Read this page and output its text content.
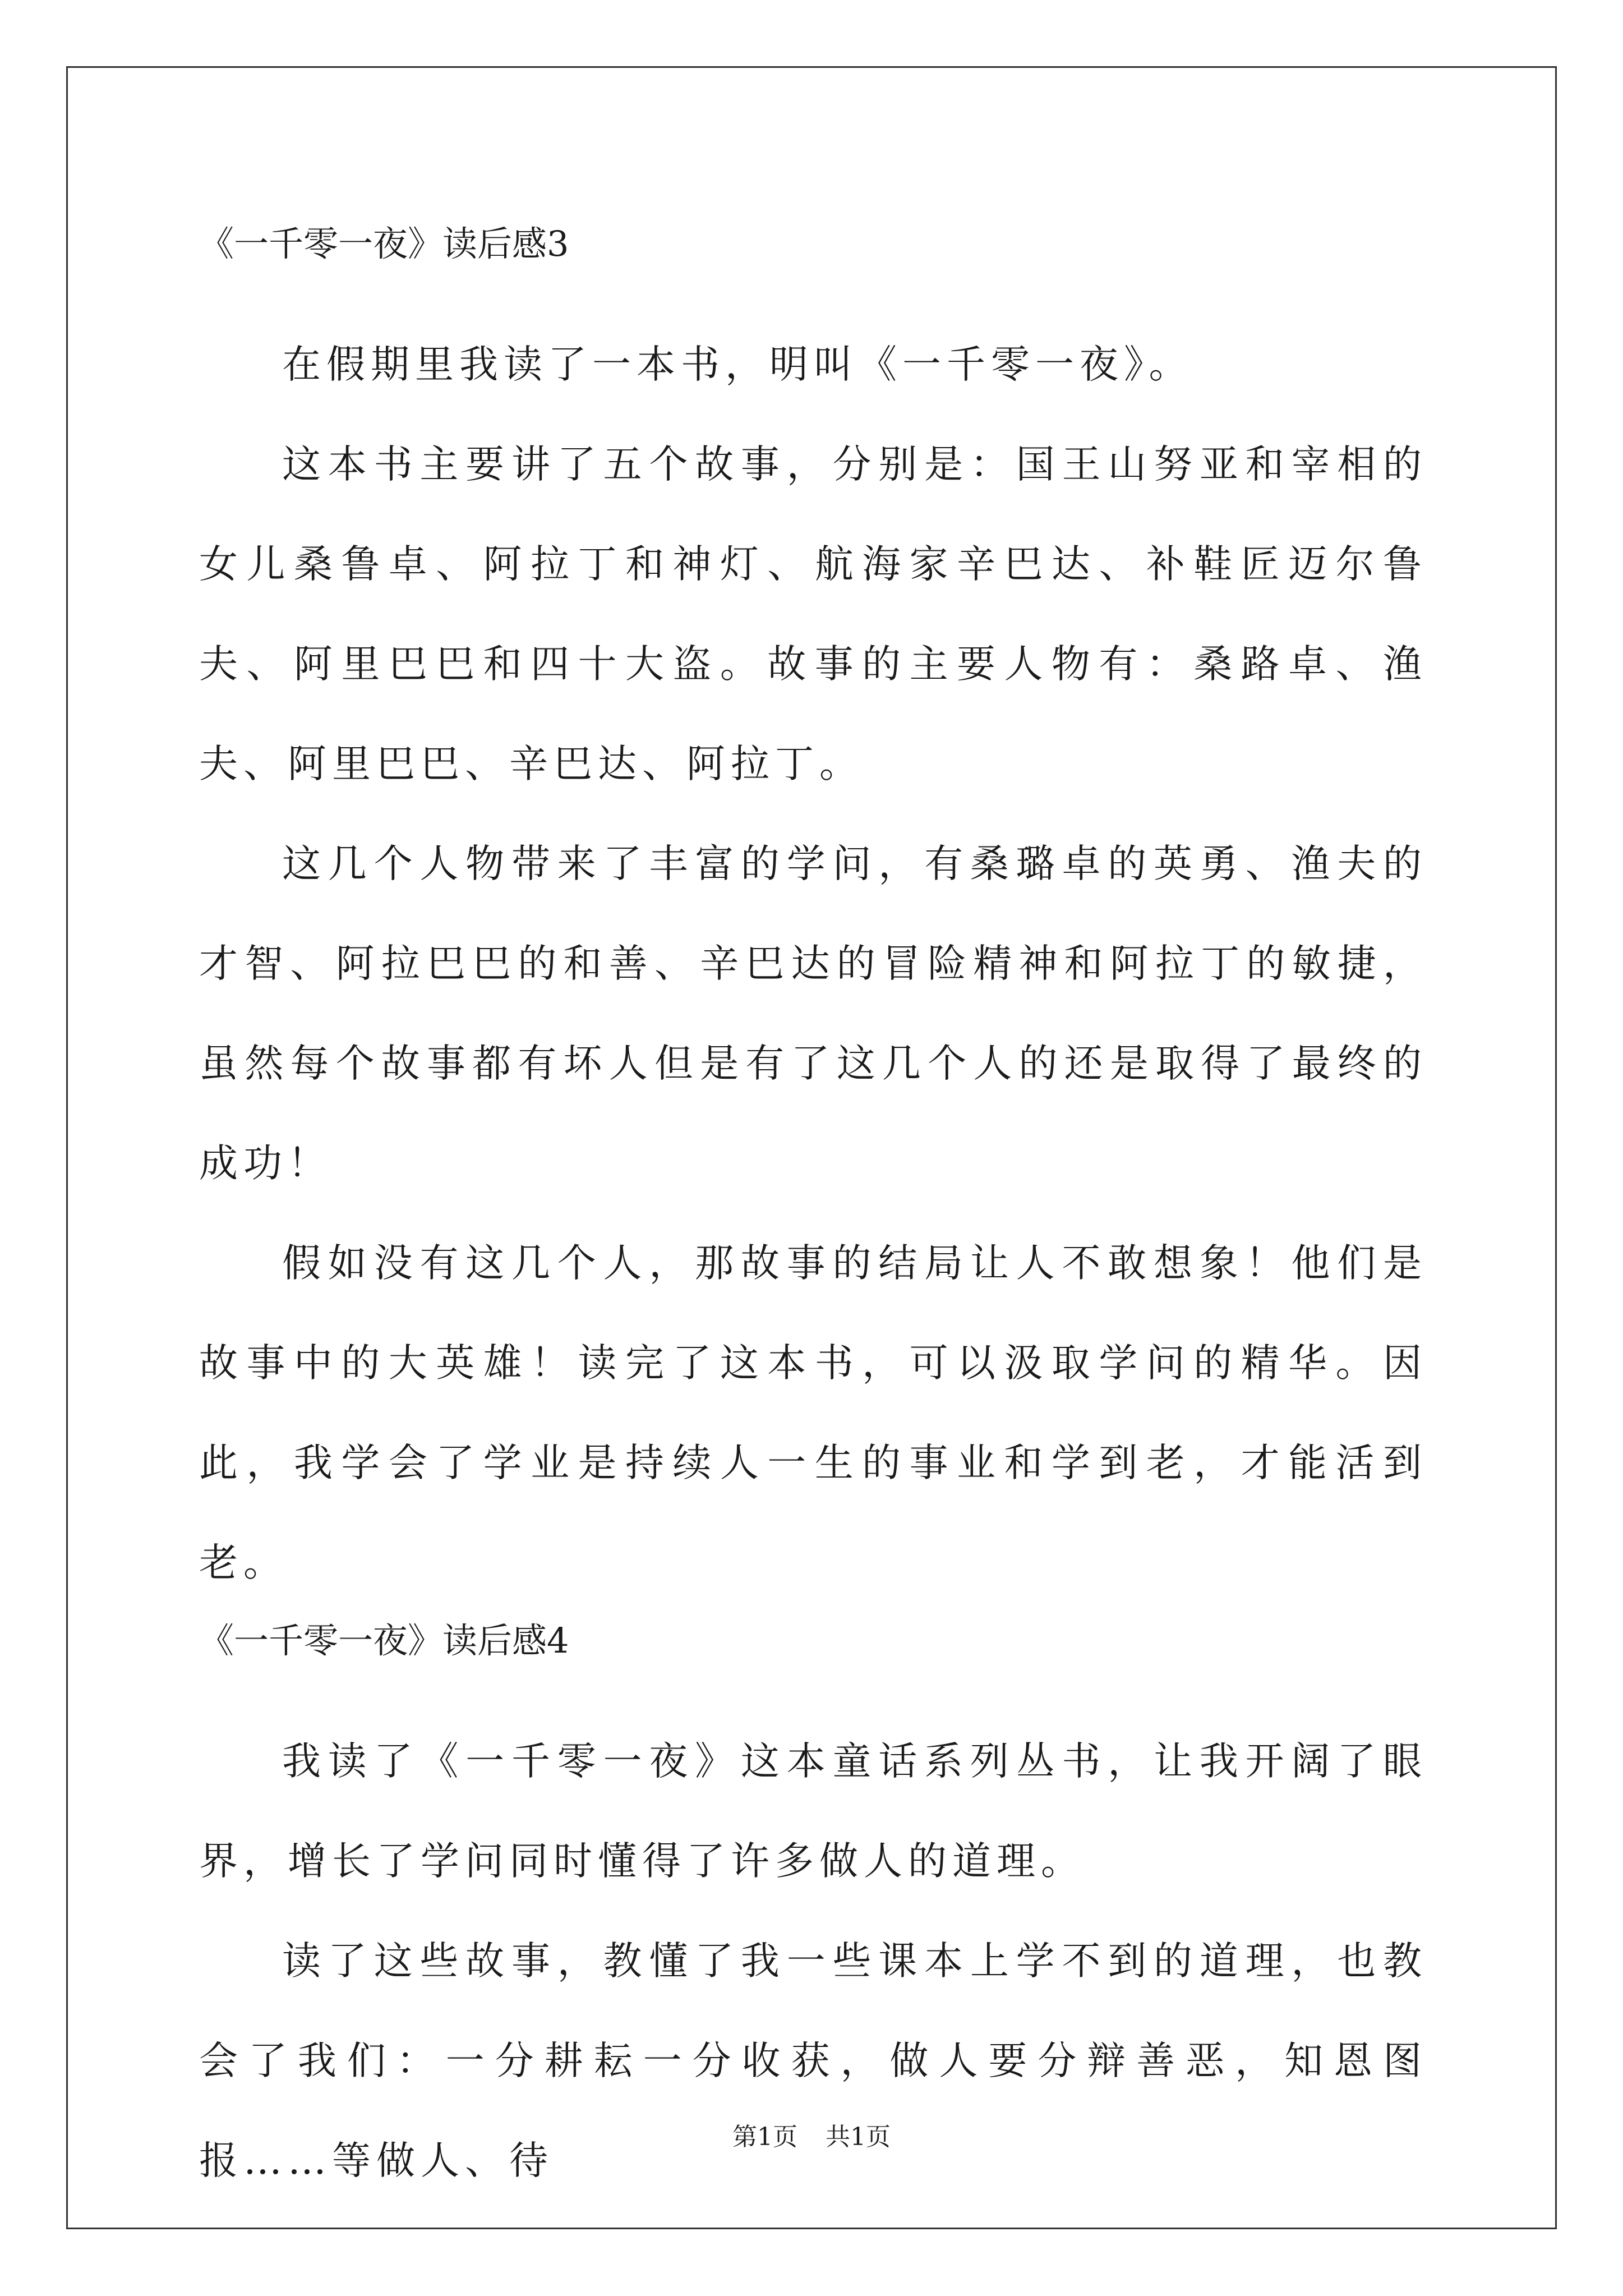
《一千零一夜》读后感3

在假期里我读了一本书，明叫《一千零一夜》。

这本书主要讲了五个故事，分别是：国王山努亚和宰相的女儿桑鲁卓、阿拉丁和神灯、航海家辛巴达、补鞋匠迈尔鲁夫、阿里巴巴和四十大盗。故事的主要人物有：桑路卓、渔夫、阿里巴巴、辛巴达、阿拉丁。

这几个人物带来了丰富的学问，有桑璐卓的英勇、渔夫的才智、阿拉巴巴的和善、辛巴达的冒险精神和阿拉丁的敏捷，虽然每个故事都有坏人但是有了这几个人的还是取得了最终的成功！

假如没有这几个人，那故事的结局让人不敢想象！他们是故事中的大英雄！读完了这本书，可以汲取学问的精华。因此，我学会了学业是持续人一生的事业和学到老，才能活到老。

《一千零一夜》读后感4

我读了《一千零一夜》这本童话系列丛书，让我开阔了眼界，增长了学问同时懂得了许多做人的道理。

读了这些故事，教懂了我一些课本上学不到的道理，也教会了我们：一分耕耘一分收获，做人要分辩善恶，知恩图报……等做人、待

第1页 共1页
